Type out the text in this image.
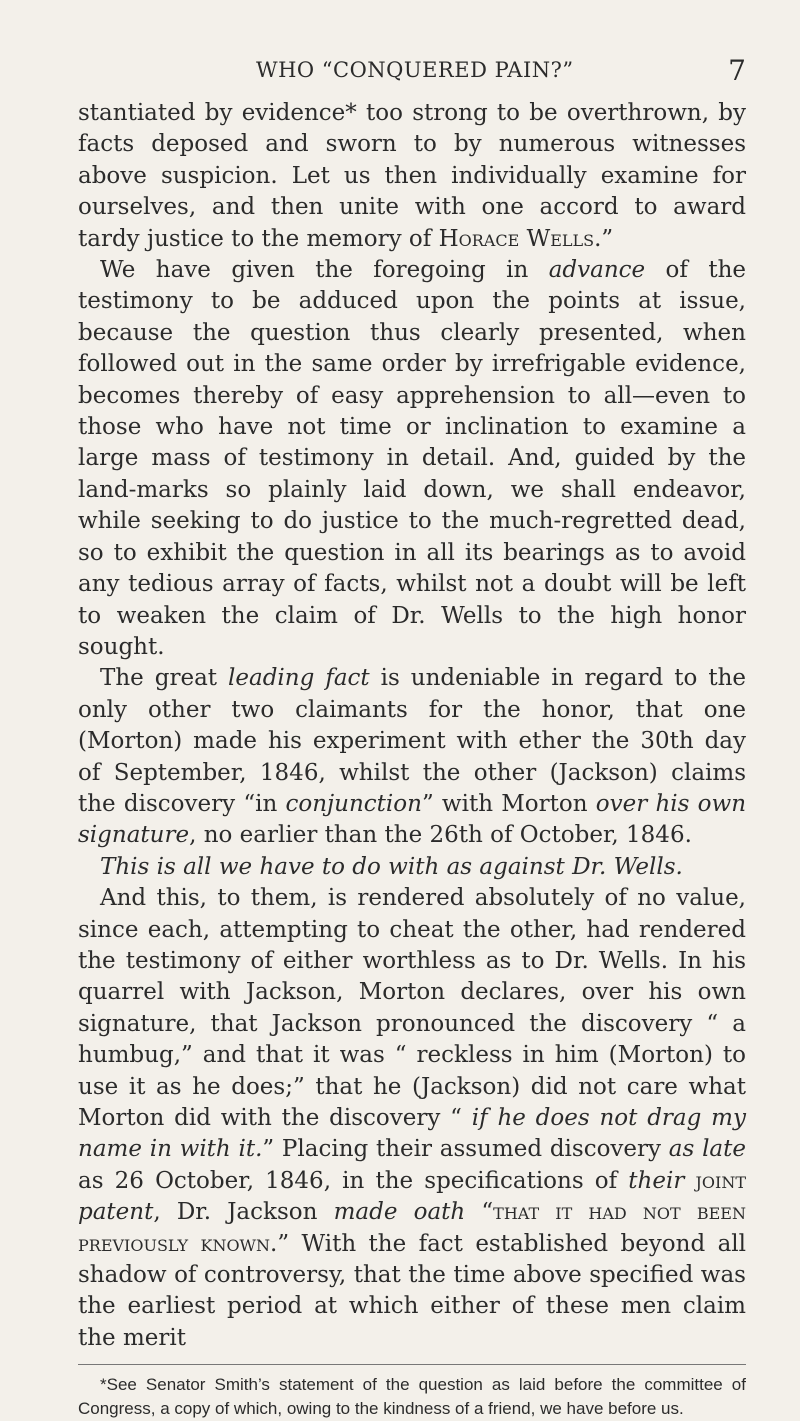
WHO “CONQUERED PAIN?”	7

stantiated by evidence* too strong to be overthrown, by facts deposed and sworn to by numerous witnesses above suspicion. Let us then individually examine for ourselves, and then unite with one accord to award tardy justice to the memory of Horace Wells.”

We have given the foregoing in advance of the testimony to be adduced upon the points at issue, because the question thus clearly presented, when followed out in the same order by irrefrigable evidence, becomes thereby of easy apprehension to all—even to those who have not time or inclination to examine a large mass of testimony in detail. And, guided by the land-marks so plainly laid down, we shall endeavor, while seeking to do justice to the much-regretted dead, so to exhibit the question in all its bearings as to avoid any tedious array of facts, whilst not a doubt will be left to weaken the claim of Dr. Wells to the high honor sought.

The great leading fact is undeniable in regard to the only other two claimants for the honor, that one (Morton) made his experiment with ether the 30th day of September, 1846, whilst the other (Jackson) claims the discovery “in conjunction” with Morton over his own signature, no earlier than the 26th of October, 1846.

This is all we have to do with as against Dr. Wells.

And this, to them, is rendered absolutely of no value, since each, attempting to cheat the other, had rendered the testimony of either worthless as to Dr. Wells. In his quarrel with Jackson, Morton declares, over his own signature, that Jackson pronounced the discovery “ a humbug,” and that it was “ reckless in him (Morton) to use it as he does;” that he (Jackson) did not care what Morton did with the discovery “ if he does not drag my name in with it.” Placing their assumed discovery as late as 26 October, 1846, in the specifications of their joint patent, Dr. Jackson made oath “that it had not been previously known.” With the fact established beyond all shadow of controversy, that the time above specified was the earliest period at which either of these men claim the merit

*See Senator Smith’s statement of the question as laid before the committee of Congress, a copy of which, owing to the kindness of a friend, we have before us.
